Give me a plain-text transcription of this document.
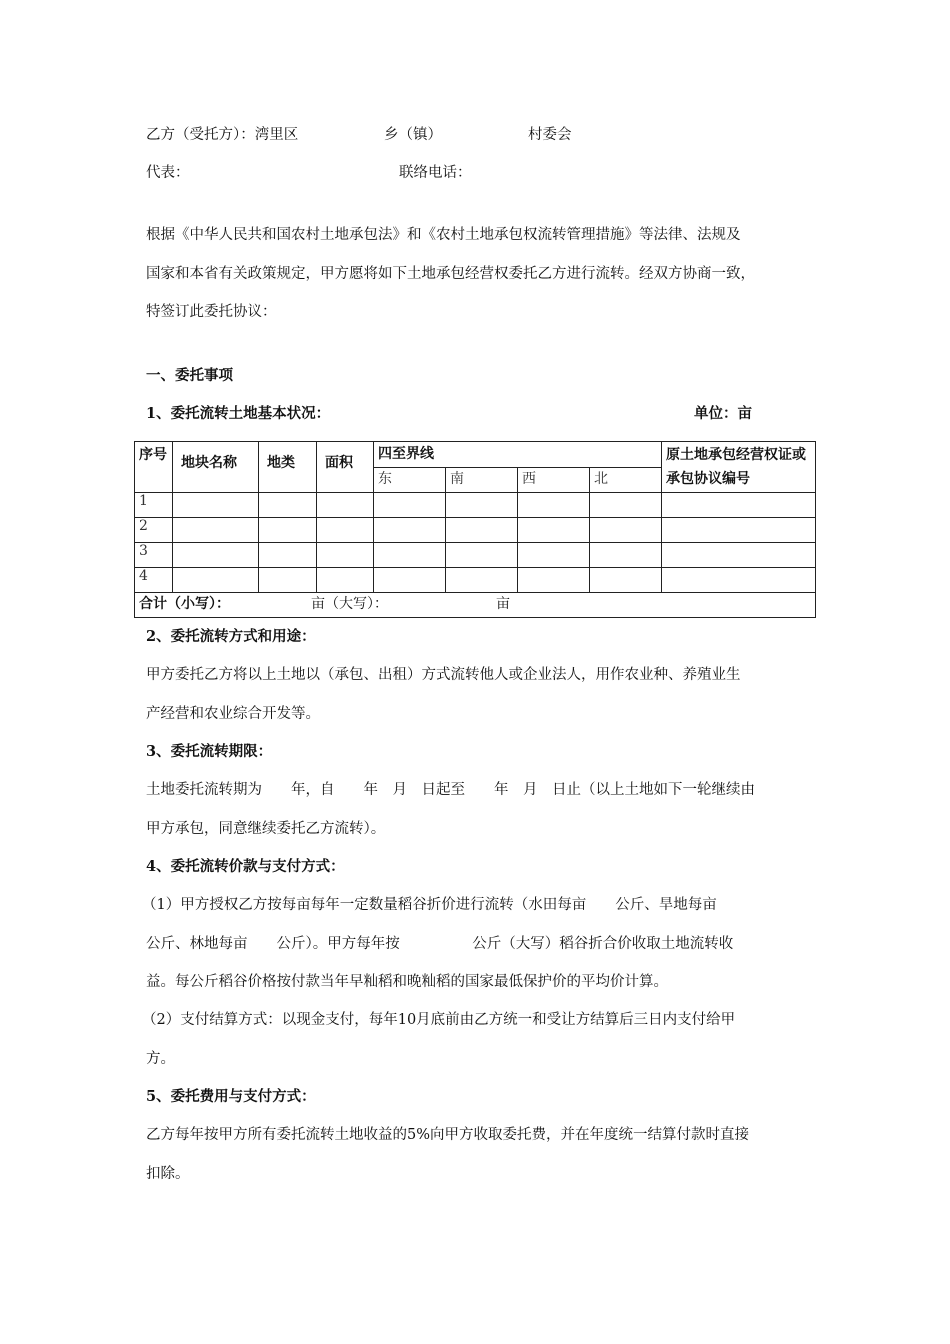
乙方（受托方）：湾里区	乡（镇）	村委会
代表：	联络电话：
根据《中华人民共和国农村土地承包法》和《农村土地承包权流转管理措施》等法律、法规及
国家和本省有关政策规定，甲方愿将如下土地承包经营权委托乙方进行流转。经双方协商一致，
特签订此委托协议：
一、委托事项
1、委托流转土地基本状况：	单位：亩
序号	地块名称	地类	面积	四至界线				原土地承包经营权证或承包协议编号
				东	南	西	北	
1								
2								
3								
4								
合计（小写）： 亩（大写）： 亩								
2、委托流转方式和用途：
甲方委托乙方将以上土地以（承包、出租）方式流转他人或企业法人，用作农业种、养殖业生
产经营和农业综合开发等。
3、委托流转期限：
土地委托流转期为　　年，自　　年　月　日起至　　年　月　日止（以上土地如下一轮继续由
甲方承包，同意继续委托乙方流转）。
4、委托流转价款与支付方式：
（1）甲方授权乙方按每亩每年一定数量稻谷折价进行流转（水田每亩　　公斤、旱地每亩
公斤、林地每亩　　公斤）。甲方每年按　　　　　公斤（大写）稻谷折合价收取土地流转收
益。每公斤稻谷价格按付款当年早籼稻和晚籼稻的国家最低保护价的平均价计算。
（2）支付结算方式：以现金支付，每年10月底前由乙方统一和受让方结算后三日内支付给甲
方。
5、委托费用与支付方式：
乙方每年按甲方所有委托流转土地收益的5%向甲方收取委托费，并在年度统一结算付款时直接
扣除。
